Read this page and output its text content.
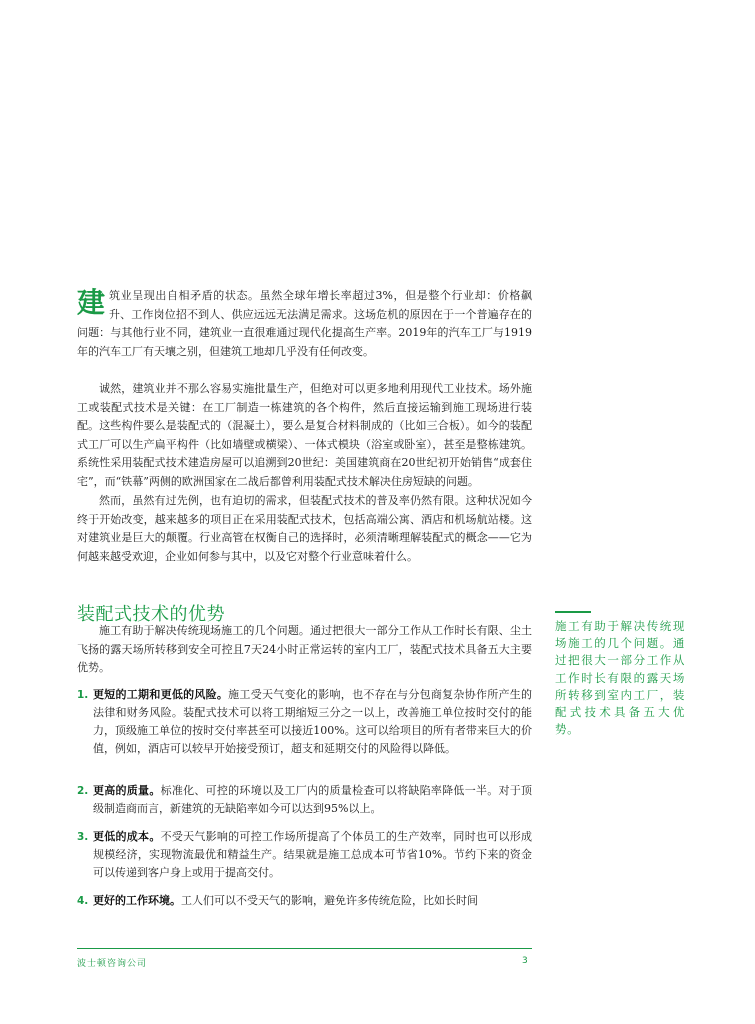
建 筑业呈现出自相矛盾的状态。虽然全球年增长率超过3%，但是整个行业却：价格飙升、工作岗位招不到人、供应远远无法满足需求。这场危机的原因在于一个普遍存在的问题：与其他行业不同，建筑业一直很难通过现代化提高生产率。2019年的汽车工厂与1919年的汽车工厂有天壤之别，但建筑工地却几乎没有任何改变。

诚然，建筑业并不那么容易实施批量生产，但绝对可以更多地利用现代工业技术。场外施工或装配式技术是关键：在工厂制造一栋建筑的各个构件，然后直接运输到施工现场进行装配。这些构件要么是装配式的（混凝土），要么是复合材料制成的（比如三合板）。如今的装配式工厂可以生产扁平构件（比如墙壁或横梁）、一体式模块（浴室或卧室），甚至是整栋建筑。系统性采用装配式技术建造房屋可以追溯到20世纪：美国建筑商在20世纪初开始销售“成套住宅”，而“铁幕”两侧的欧洲国家在二战后都曾利用装配式技术解决住房短缺的问题。

然而，虽然有过先例，也有迫切的需求，但装配式技术的普及率仍然有限。这种状况如今终于开始改变，越来越多的项目正在采用装配式技术，包括高端公寓、酒店和机场航站楼。这对建筑业是巨大的颠覆。行业高管在权衡自己的选择时，必须清晰理解装配式的概念——它为何越来越受欢迎，企业如何参与其中，以及它对整个行业意味着什么。

装配式技术的优势

施工有助于解决传统现场施工的几个问题。通过把很大一部分工作从工作时长有限、尘土飞扬的露天场所转移到安全可控且7天24小时正常运转的室内工厂，装配式技术具备五大主要优势。

1. 更短的工期和更低的风险。施工受天气变化的影响，也不存在与分包商复杂协作所产生的法律和财务风险。装配式技术可以将工期缩短三分之一以上，改善施工单位按时交付的能力，顶级施工单位的按时交付率甚至可以接近100%。这可以给项目的所有者带来巨大的价值，例如，酒店可以较早开始接受预订，超支和延期交付的风险得以降低。
2. 更高的质量。标准化、可控的环境以及工厂内的质量检查可以将缺陷率降低一半。对于顶级制造商而言，新建筑的无缺陷率如今可以达到95%以上。
3. 更低的成本。不受天气影响的可控工作场所提高了个体员工的生产效率，同时也可以形成规模经济，实现物流最优和精益生产。结果就是施工总成本可节省10%。节约下来的资金可以传递到客户身上或用于提高交付。
4. 更好的工作环境。工人们可以不受天气的影响，避免许多传统危险，比如长时间
施工有助于解决传统现场施工的几个问题。通过把很大一部分工作从工作时长有限的露天场所转移到室内工厂，装配式技术具备五大优势。
波士顿咨询公司	3
